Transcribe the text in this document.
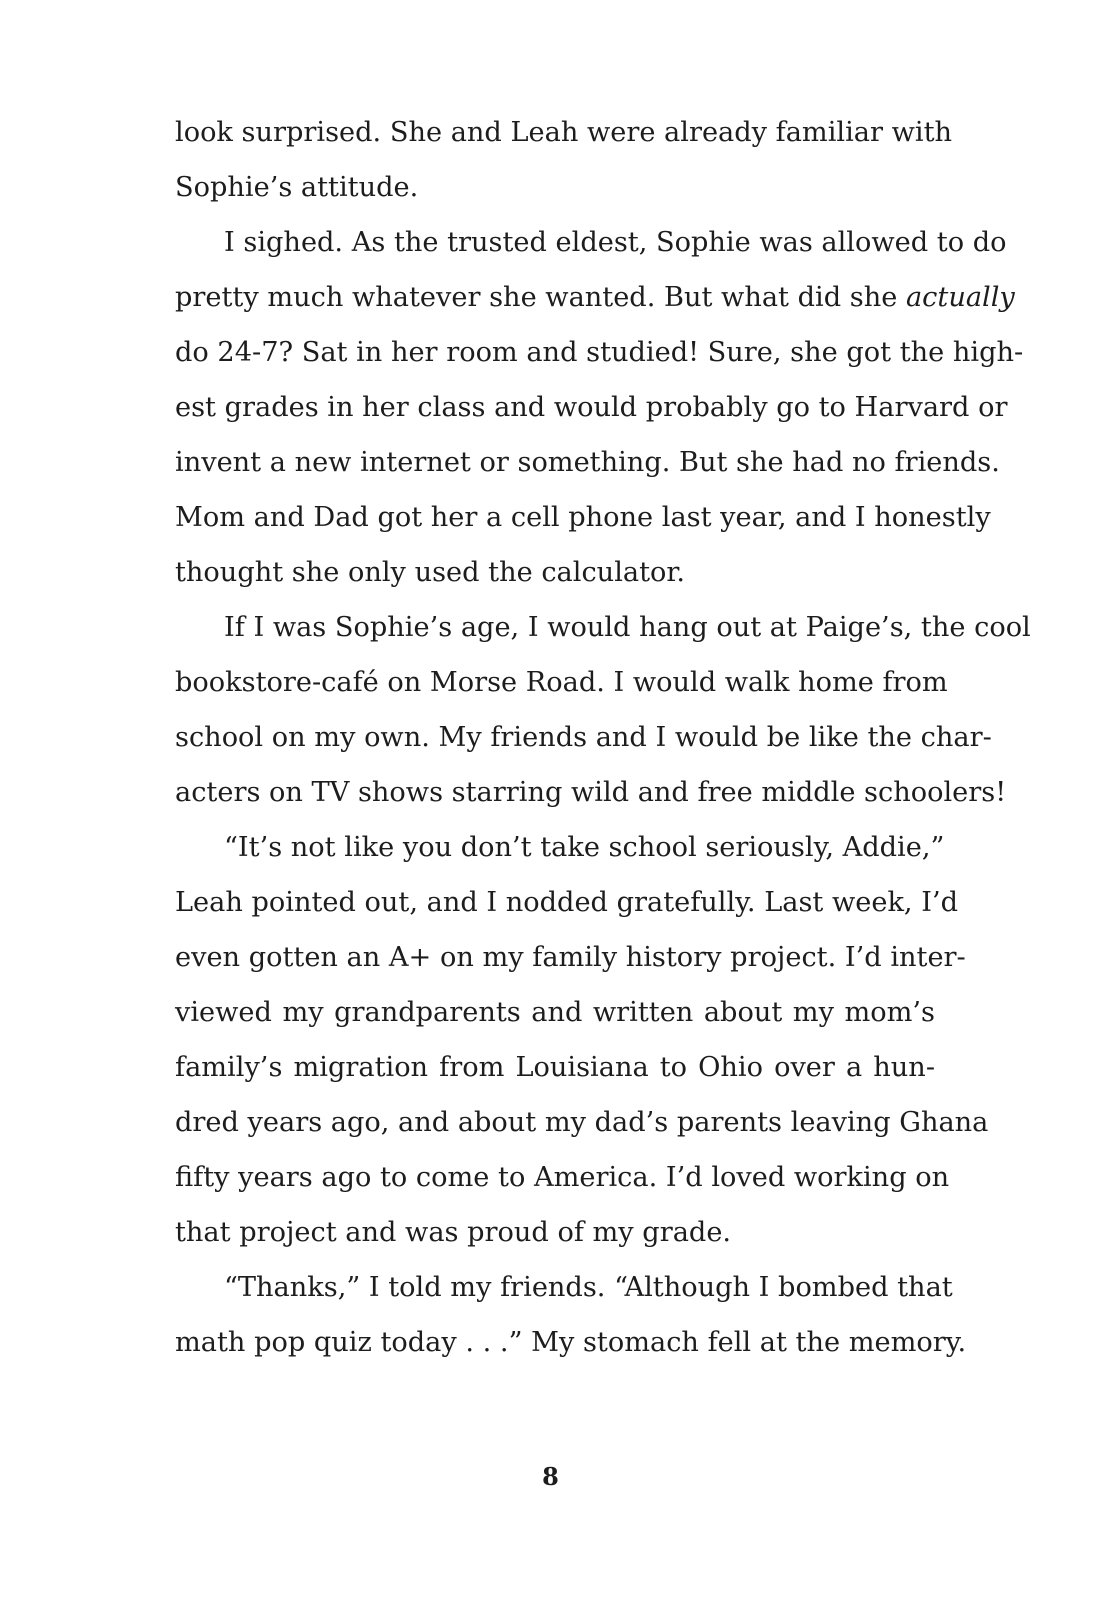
look surprised. She and Leah were already familiar with
Sophie’s attitude.
I sighed. As the trusted eldest, Sophie was allowed to do
pretty much whatever she wanted. But what did she actually
do 24-7? Sat in her room and studied! Sure, she got the high-
est grades in her class and would probably go to Harvard or
invent a new internet or something. But she had no friends.
Mom and Dad got her a cell phone last year, and I honestly
thought she only used the calculator.
If I was Sophie’s age, I would hang out at Paige’s, the cool
bookstore-café on Morse Road. I would walk home from
school on my own. My friends and I would be like the char-
acters on TV shows starring wild and free middle schoolers!
“It’s not like you don’t take school seriously, Addie,”
Leah pointed out, and I nodded gratefully. Last week, I’d
even gotten an A+ on my family history project. I’d inter-
viewed my grandparents and written about my mom’s
family’s migration from Louisiana to Ohio over a hun-
dred years ago, and about my dad’s parents leaving Ghana
fifty years ago to come to America. I’d loved working on
that project and was proud of my grade.
“Thanks,” I told my friends. “Although I bombed that
math pop quiz today . . .” My stomach fell at the memory.
8
